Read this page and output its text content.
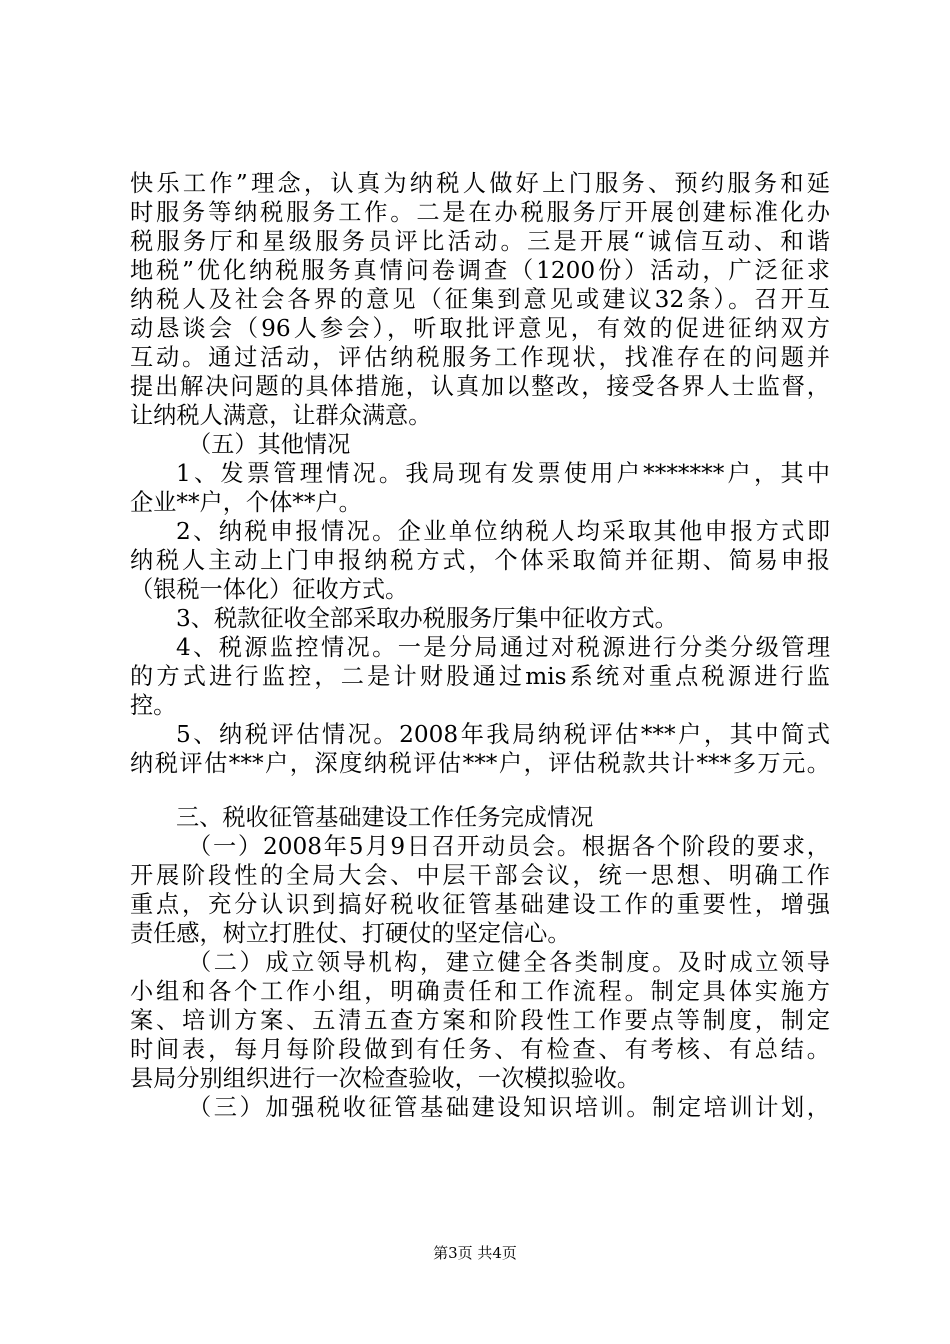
快乐工作”理念，认真为纳税人做好上门服务、预约服务和延
时服务等纳税服务工作。二是在办税服务厅开展创建标准化办
税服务厅和星级服务员评比活动。三是开展“诚信互动、和谐
地税”优化纳税服务真情问卷调查（1200份）活动，广泛征求
纳税人及社会各界的意见（征集到意见或建议32条）。召开互
动恳谈会（96人参会），听取批评意见，有效的促进征纳双方
互动。通过活动，评估纳税服务工作现状，找准存在的问题并
提出解决问题的具体措施，认真加以整改，接受各界人士监督，
让纳税人满意，让群众满意。
（五）其他情况
1、发票管理情况。我局现有发票使用户*******户，其中
企业**户，个体**户。
2、纳税申报情况。企业单位纳税人均采取其他申报方式即
纳税人主动上门申报纳税方式，个体采取简并征期、简易申报
（银税一体化）征收方式。
3、税款征收全部采取办税服务厅集中征收方式。
4、税源监控情况。一是分局通过对税源进行分类分级管理
的方式进行监控，二是计财股通过mis系统对重点税源进行监
控。
5、纳税评估情况。2008年我局纳税评估***户，其中简式
纳税评估***户，深度纳税评估***户，评估税款共计***多万元。
三、税收征管基础建设工作任务完成情况
（一）2008年5月9日召开动员会。根据各个阶段的要求，
开展阶段性的全局大会、中层干部会议，统一思想、明确工作
重点，充分认识到搞好税收征管基础建设工作的重要性，增强
责任感，树立打胜仗、打硬仗的坚定信心。
（二）成立领导机构，建立健全各类制度。及时成立领导
小组和各个工作小组，明确责任和工作流程。制定具体实施方
案、培训方案、五清五查方案和阶段性工作要点等制度，制定
时间表，每月每阶段做到有任务、有检查、有考核、有总结。
县局分别组织进行一次检查验收，一次模拟验收。
（三）加强税收征管基础建设知识培训。制定培训计划，
第3页 共4页
